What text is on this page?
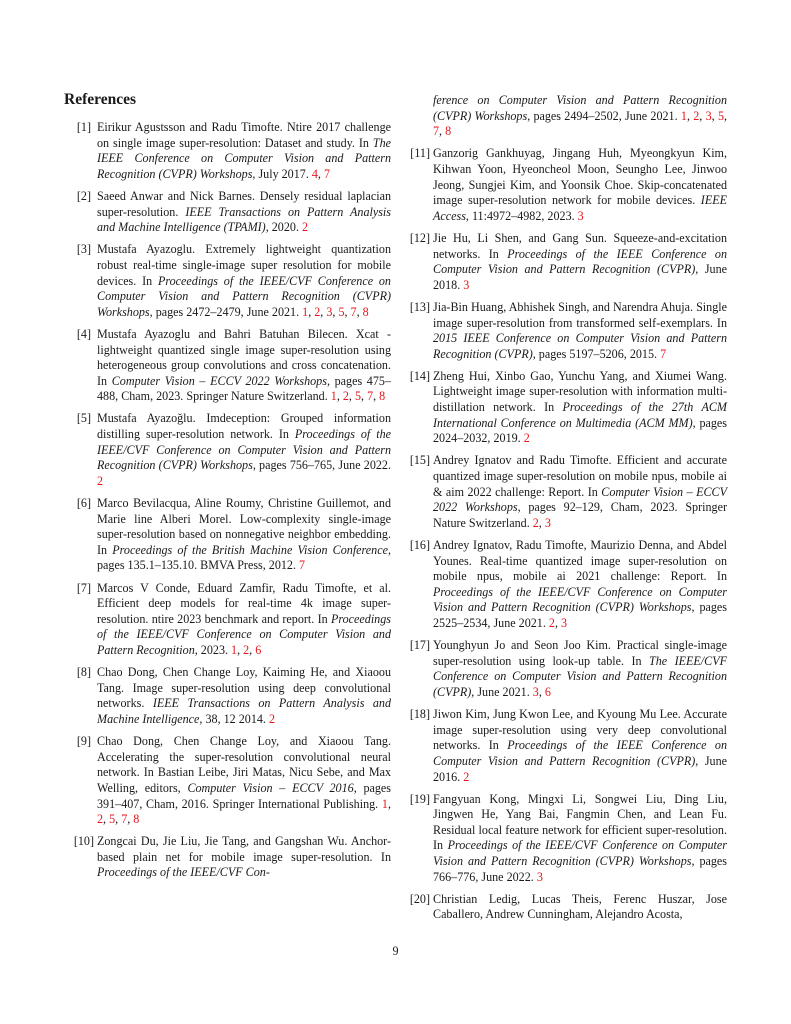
References
[1] Eirikur Agustsson and Radu Timofte. Ntire 2017 challenge on single image super-resolution: Dataset and study. In The IEEE Conference on Computer Vision and Pattern Recognition (CVPR) Workshops, July 2017. 4, 7
[2] Saeed Anwar and Nick Barnes. Densely residual laplacian super-resolution. IEEE Transactions on Pattern Analysis and Machine Intelligence (TPAMI), 2020. 2
[3] Mustafa Ayazoglu. Extremely lightweight quantization robust real-time single-image super resolution for mobile devices. In Proceedings of the IEEE/CVF Conference on Computer Vision and Pattern Recognition (CVPR) Workshops, pages 2472–2479, June 2021. 1, 2, 3, 5, 7, 8
[4] Mustafa Ayazoglu and Bahri Batuhan Bilecen. Xcat - lightweight quantized single image super-resolution using heterogeneous group convolutions and cross concatenation. In Computer Vision – ECCV 2022 Workshops, pages 475–488, Cham, 2023. Springer Nature Switzerland. 1, 2, 5, 7, 8
[5] Mustafa Ayazoğlu. Imdeception: Grouped information distilling super-resolution network. In Proceedings of the IEEE/CVF Conference on Computer Vision and Pattern Recognition (CVPR) Workshops, pages 756–765, June 2022. 2
[6] Marco Bevilacqua, Aline Roumy, Christine Guillemot, and Marie line Alberi Morel. Low-complexity single-image super-resolution based on nonnegative neighbor embedding. In Proceedings of the British Machine Vision Conference, pages 135.1–135.10. BMVA Press, 2012. 7
[7] Marcos V Conde, Eduard Zamfir, Radu Timofte, et al. Efficient deep models for real-time 4k image super-resolution. ntire 2023 benchmark and report. In Proceedings of the IEEE/CVF Conference on Computer Vision and Pattern Recognition, 2023. 1, 2, 6
[8] Chao Dong, Chen Change Loy, Kaiming He, and Xiaoou Tang. Image super-resolution using deep convolutional networks. IEEE Transactions on Pattern Analysis and Machine Intelligence, 38, 12 2014. 2
[9] Chao Dong, Chen Change Loy, and Xiaoou Tang. Accelerating the super-resolution convolutional neural network. In Bastian Leibe, Jiri Matas, Nicu Sebe, and Max Welling, editors, Computer Vision – ECCV 2016, pages 391–407, Cham, 2016. Springer International Publishing. 1, 2, 5, 7, 8
[10] Zongcai Du, Jie Liu, Jie Tang, and Gangshan Wu. Anchor-based plain net for mobile image super-resolution. In Proceedings of the IEEE/CVF Con-
ference on Computer Vision and Pattern Recognition (CVPR) Workshops, pages 2494–2502, June 2021. 1, 2, 3, 5, 7, 8
[11] Ganzorig Gankhuyag, Jingang Huh, Myeongkyun Kim, Kihwan Yoon, Hyeoncheol Moon, Seungho Lee, Jinwoo Jeong, Sungjei Kim, and Yoonsik Choe. Skip-concatenated image super-resolution network for mobile devices. IEEE Access, 11:4972–4982, 2023. 3
[12] Jie Hu, Li Shen, and Gang Sun. Squeeze-and-excitation networks. In Proceedings of the IEEE Conference on Computer Vision and Pattern Recognition (CVPR), June 2018. 3
[13] Jia-Bin Huang, Abhishek Singh, and Narendra Ahuja. Single image super-resolution from transformed self-exemplars. In 2015 IEEE Conference on Computer Vision and Pattern Recognition (CVPR), pages 5197–5206, 2015. 7
[14] Zheng Hui, Xinbo Gao, Yunchu Yang, and Xiumei Wang. Lightweight image super-resolution with information multi-distillation network. In Proceedings of the 27th ACM International Conference on Multimedia (ACM MM), pages 2024–2032, 2019. 2
[15] Andrey Ignatov and Radu Timofte. Efficient and accurate quantized image super-resolution on mobile npus, mobile ai & aim 2022 challenge: Report. In Computer Vision – ECCV 2022 Workshops, pages 92–129, Cham, 2023. Springer Nature Switzerland. 2, 3
[16] Andrey Ignatov, Radu Timofte, Maurizio Denna, and Abdel Younes. Real-time quantized image super-resolution on mobile npus, mobile ai 2021 challenge: Report. In Proceedings of the IEEE/CVF Conference on Computer Vision and Pattern Recognition (CVPR) Workshops, pages 2525–2534, June 2021. 2, 3
[17] Younghyun Jo and Seon Joo Kim. Practical single-image super-resolution using look-up table. In The IEEE/CVF Conference on Computer Vision and Pattern Recognition (CVPR), June 2021. 3, 6
[18] Jiwon Kim, Jung Kwon Lee, and Kyoung Mu Lee. Accurate image super-resolution using very deep convolutional networks. In Proceedings of the IEEE Conference on Computer Vision and Pattern Recognition (CVPR), June 2016. 2
[19] Fangyuan Kong, Mingxi Li, Songwei Liu, Ding Liu, Jingwen He, Yang Bai, Fangmin Chen, and Lean Fu. Residual local feature network for efficient super-resolution. In Proceedings of the IEEE/CVF Conference on Computer Vision and Pattern Recognition (CVPR) Workshops, pages 766–776, June 2022. 3
[20] Christian Ledig, Lucas Theis, Ferenc Huszar, Jose Caballero, Andrew Cunningham, Alejandro Acosta,
9
